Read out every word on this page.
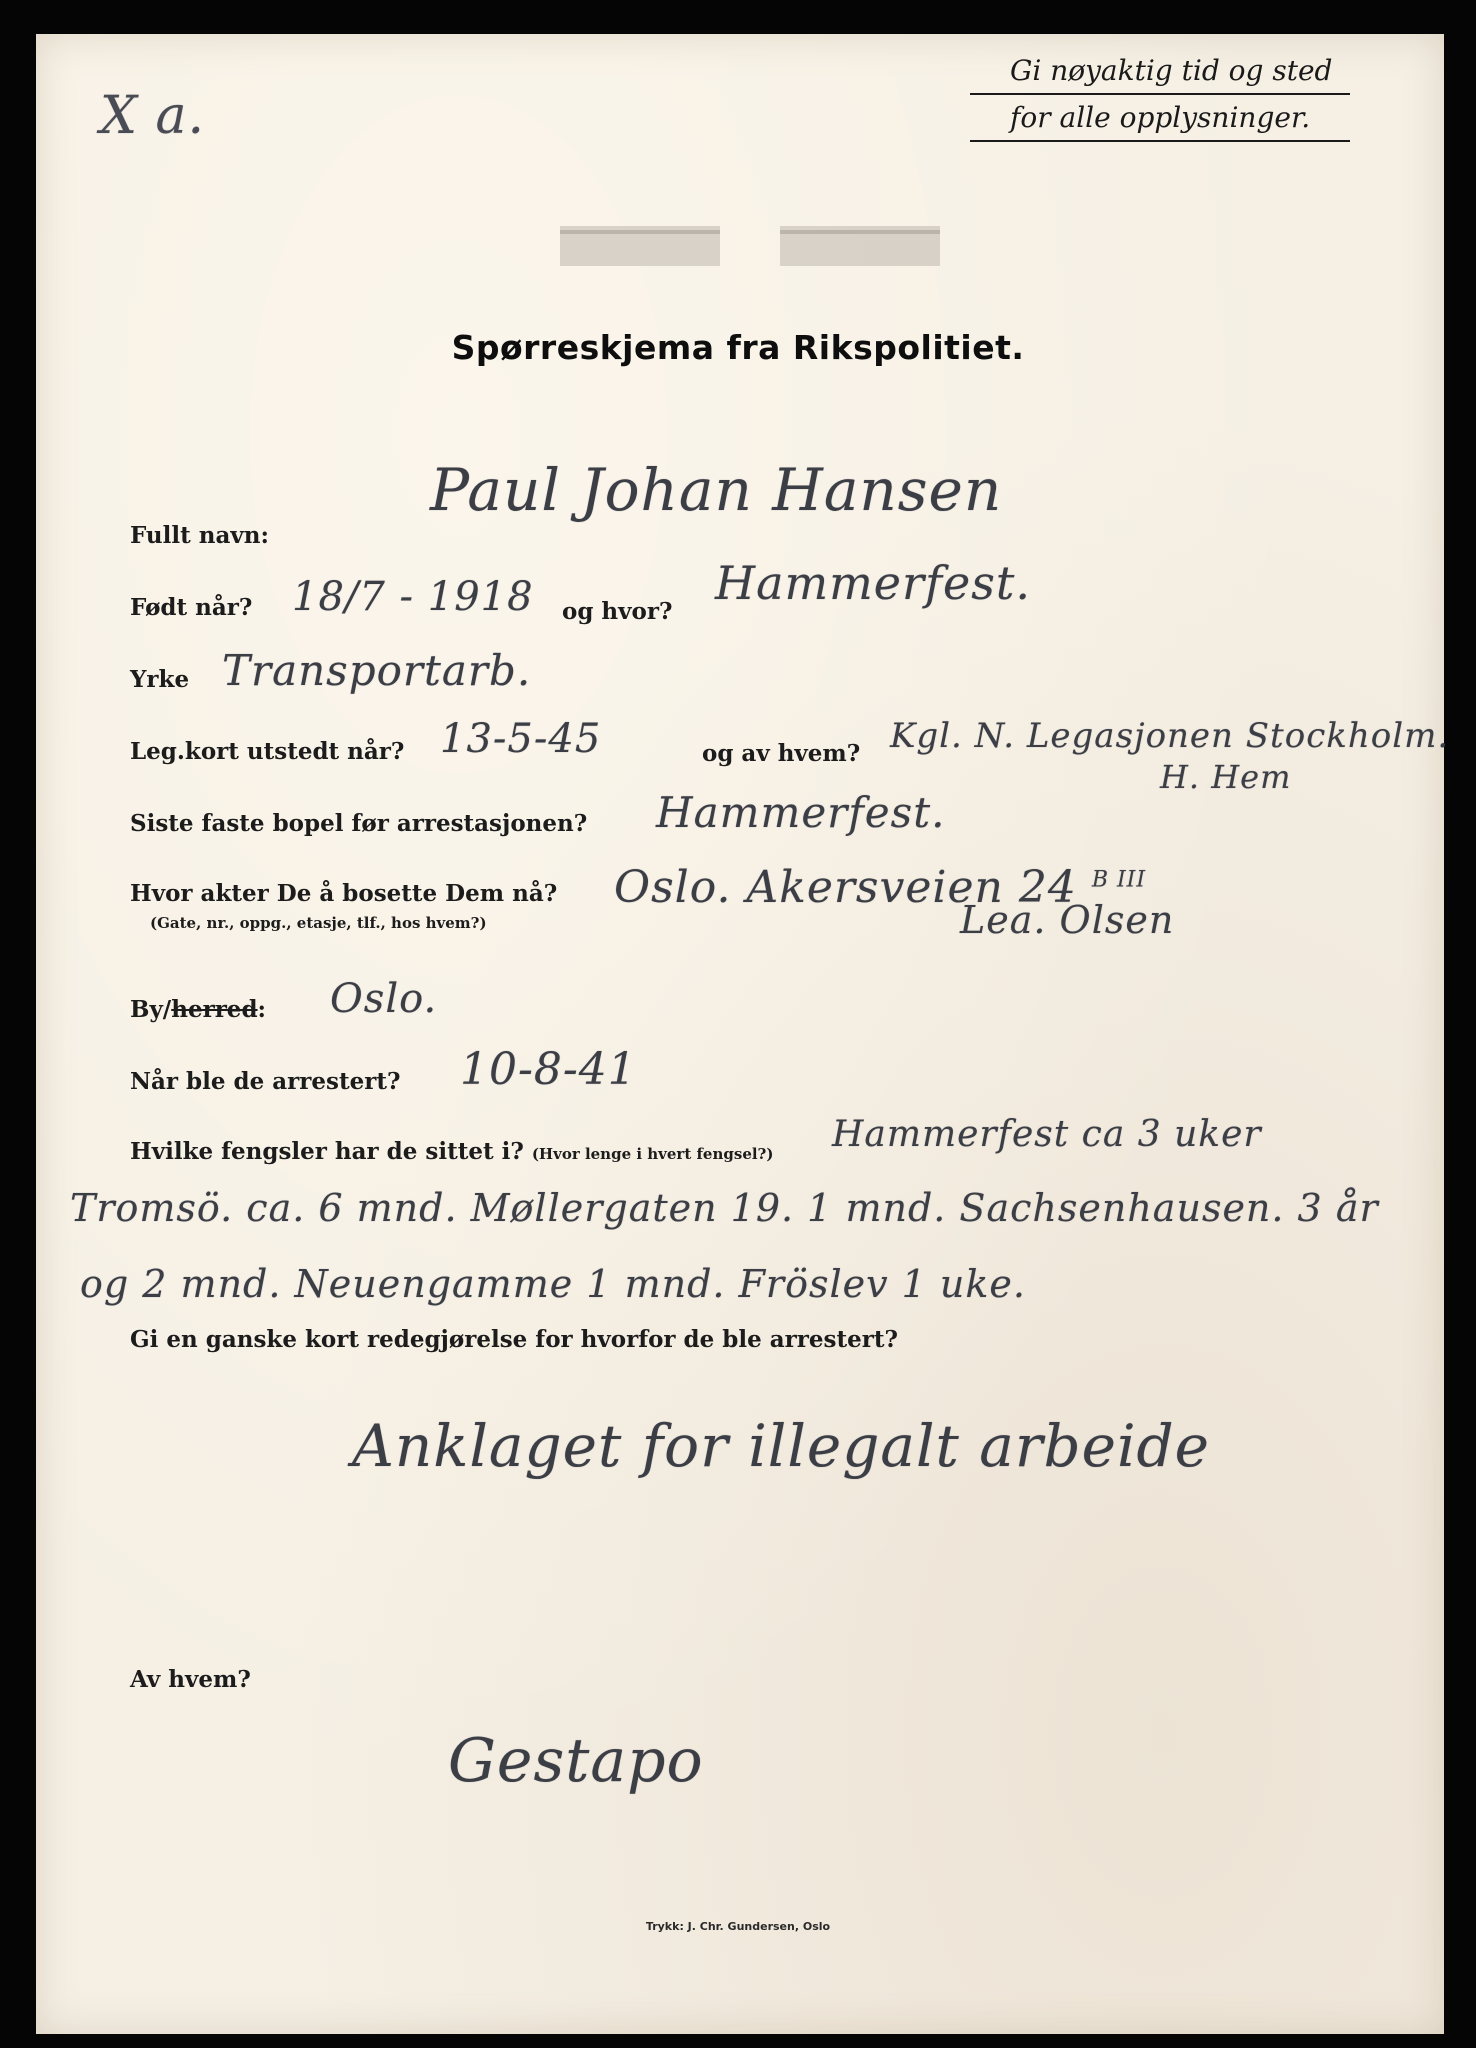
X a.
Gi nøyaktig tid og sted
for alle opplysninger.
Spørreskjema fra Rikspolitiet.
Fullt navn:
Paul Johan Hansen
Født når? 18/7 - 1918 og hvor?
Hammerfest.
Yrke Transportarb.
Leg.kort utstedt når? 13-5-45	og av hvem? Kgl. N. Legasjonen Stockholm.
H. Hem
Siste faste bopel før arrestasjonen? Hammerfest.
Hvor akter De å bosette Dem nå?
(Gate, nr., oppg., etasje, tlf., hos hvem?)
Oslo. Akersveien 24 $^{B III}$
Lea. Olsen
By/herred: Oslo.
Når ble de arrestert? 10-8-41
Hvilke fengsler har de sittet i? (Hvor lenge i hvert fengsel?) Hammerfest ca 3 uker
Tromsö. ca. 6 mnd. Møllergaten 19. 1 mnd. Sachsenhausen. 3 år
og 2 mnd. Neuengamme 1 mnd. Fröslev 1 uke.
Gi en ganske kort redegjørelse for hvorfor de ble arrestert?
Anklaget for illegalt arbeide
Av hvem?
Gestapo
Trykk: J. Chr. Gundersen, Oslo
